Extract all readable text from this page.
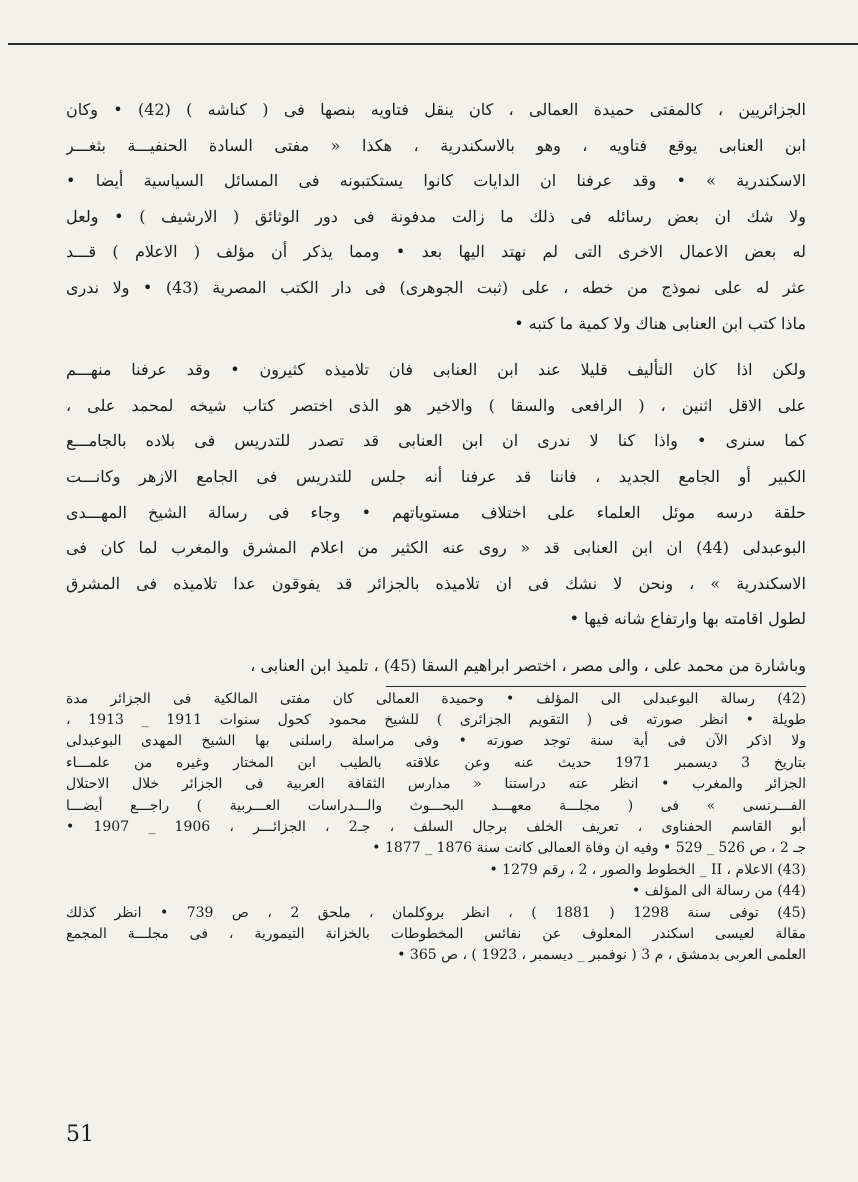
الجزائريين ، كالمفتى حميدة العمالى ، كان ينقل فتاويه بنصها فى ( كناشه ) (42) • وكان
ابن العنابى يوقع فتاويه ، وهو بالاسكندرية ، هكذا « مفتى السادة الحنفيـــة بثغـــر
الاسكندرية » • وقد عرفنا ان الدايات كانوا يستكتبونه فى المسائل السياسية أيضا •
ولا شك ان بعض رسائله فى ذلك ما زالت مدفونة فى دور الوثائق ( الارشيف ) • ولعل
له بعض الاعمال الاخرى التى لم نهتد اليها بعد • ومما يذكر أن مؤلف ( الاعلام ) قـــد
عثر له على نموذج من خطه ، على (ثبت الجوهرى) فى دار الكتب المصرية (43) • ولا ندرى
ماذا كتب ابن العنابى هناك ولا كمية ما كتبه •

ولكن اذا كان التأليف قليلا عند ابن العنابى فان تلاميذه كثيرون • وقد عرفنا منهـــم
على الاقل اثنين ، ( الرافعى والسقا ) والاخير هو الذى اختصر كتاب شيخه لمحمد على ،
كما سنرى • واذا كنا لا ندرى ان ابن العنابى قد تصدر للتدريس فى بلاده بالجامـــع
الكبير أو الجامع الجديد ، فاننا قد عرفنا أنه جلس للتدريس فى الجامع الازهر وكانـــت
حلقة درسه موئل العلماء على اختلاف مستوياتهم • وجاء فى رسالة الشيخ المهـــدى
البوعبدلى (44) ان ابن العنابى قد « روى عنه الكثير من اعلام المشرق والمغرب لما كان فى
الاسكندرية » ، ونحن لا نشك فى ان تلاميذه بالجزائر قد يفوقون عدا تلاميذه فى المشرق
لطول اقامته بها وارتفاع شانه فيها •

وباشارة من محمد على ، والى مصر ، اختصر ابراهيم السقا (45) ، تلميذ ابن العنابى ،

(42) رسالة البوعبدلى الى المؤلف • وحميدة العمالى كان مفتى المالكية فى الجزائر مدة
طويلة • انظر صورته فى ( التقويم الجزائرى ) للشيخ محمود كحول سنوات 1911 _ 1913 ،
ولا اذكر الآن فى أية سنة توجد صورته • وفى مراسلة راسلنى بها الشيخ المهدى البوعبدلى
بتاريخ 3 ديسمبر 1971 حديث عنه وعن علاقته بالطيب ابن المختار وغيره من علمـــاء
الجزائر والمغرب • انظر عنه دراستنا « مدارس الثقافة العربية فى الجزائر خلال الاحتلال
الفـــرنسى » فى ( مجلـــة معهـــد البحـــوث والـــدراسات العـــربية ) راجـــع أيضـــا
أبو القاسم الحفناوى ، تعريف الخلف برجال السلف ، جـ2 ، الجزائـــر ، 1906 _ 1907 •
جـ 2 ، ص 526 _ 529 • وفيه ان وفاة العمالى كانت سنة 1876 _ 1877 •

(43) الاعلام ، II _ الخطوط والصور ، 2 ، رقم 1279 •

(44) من رسالة الى المؤلف •

(45) توفى سنة 1298 ( 1881 ) ، انظر بروكلمان ، ملحق 2 ، ص 739 • انظر كذلك
مقالة لعيسى اسكندر المعلوف عن نفائس المخطوطات بالخزانة التيمورية ، فى مجلـــة المجمع
العلمى العربى بدمشق ، م 3 ( نوفمبر _ ديسمبر ، 1923 ) ، ص 365 •

51
